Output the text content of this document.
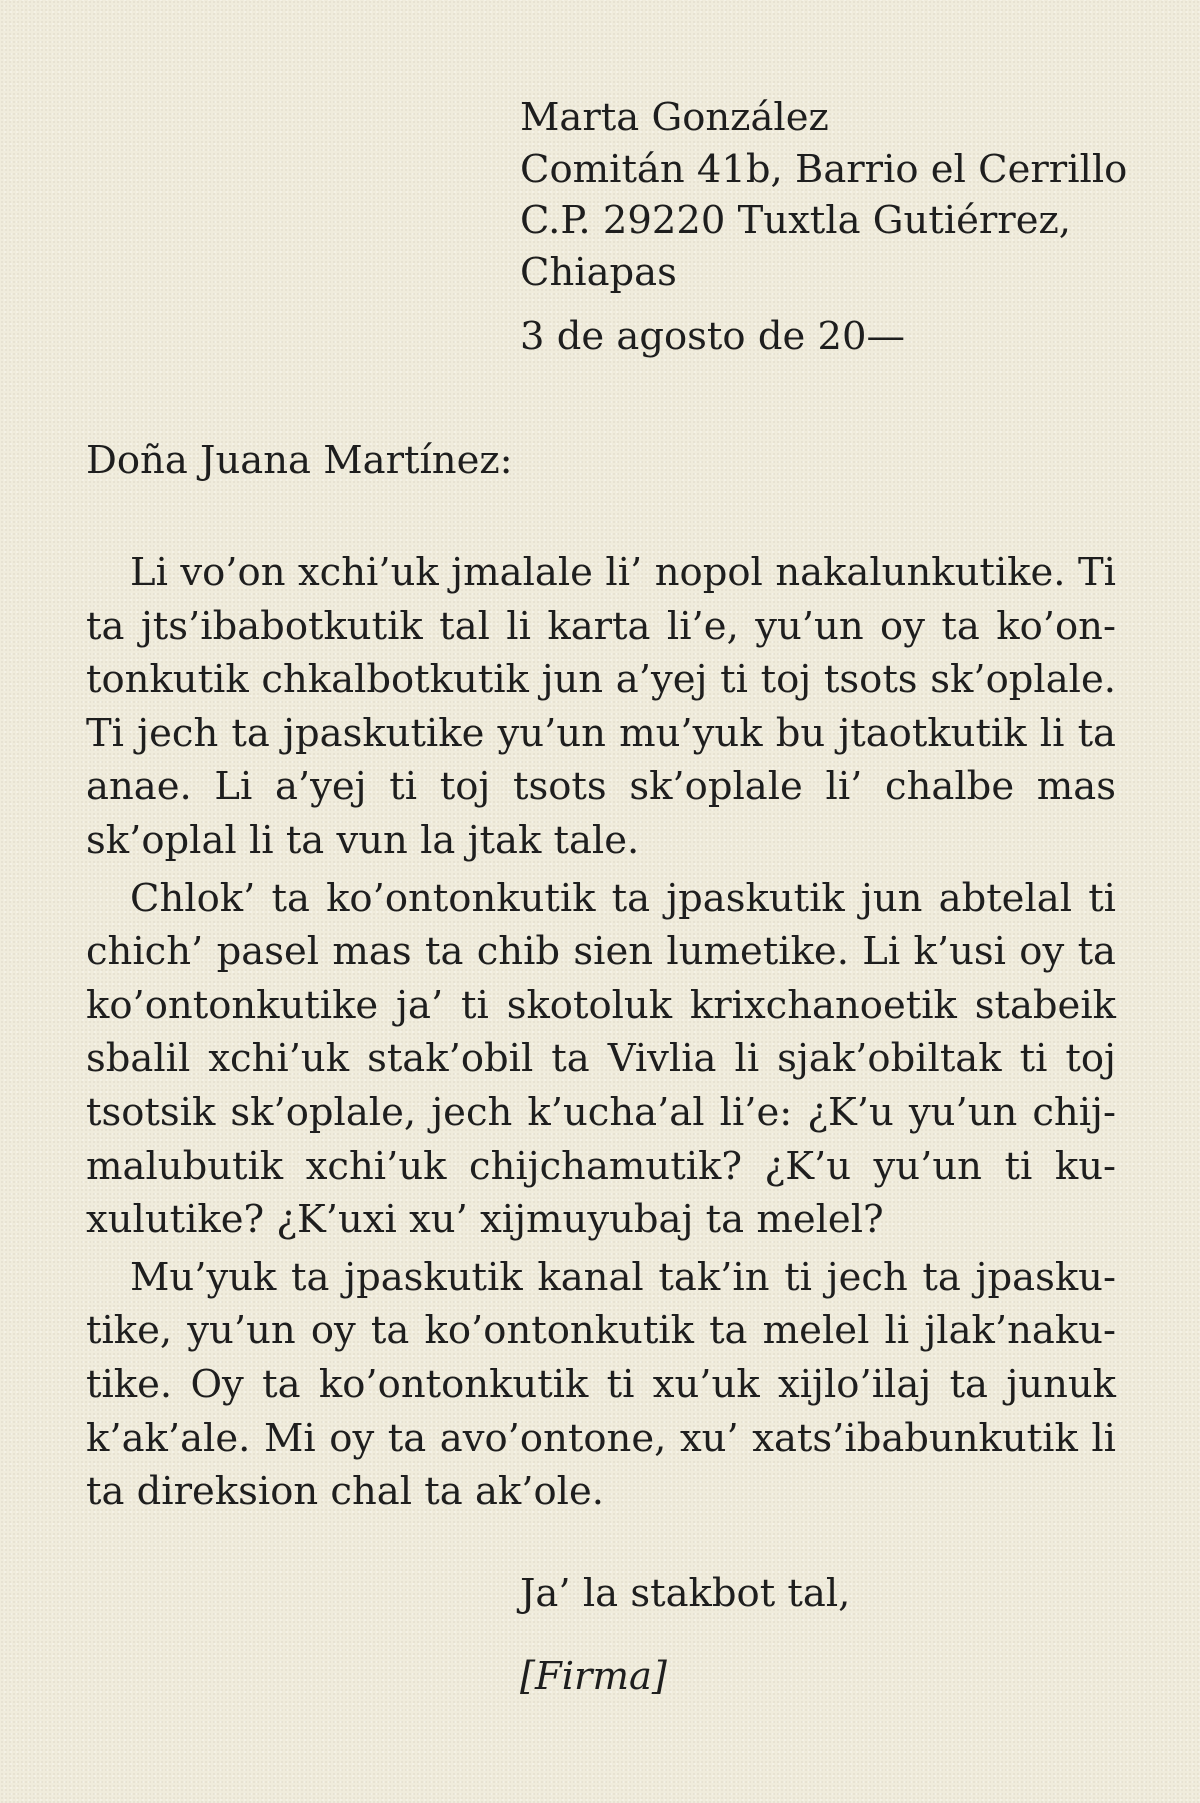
Marta González
Comitán 41b, Barrio el Cerrillo
C.P. 29220 Tuxtla Gutiérrez,
Chiapas
3 de agosto de 20—
Doña Juana Martínez:

Li vo’on xchi’uk jmalale li’ nopol nakalunkutike. Ti ta jts’ibabotkutik tal li karta li’e, yu’un oy ta ko’ontonkutik chkalbotkutik jun a’yej ti toj tsots sk’oplale. Ti jech ta jpaskutike yu’un mu’yuk bu jtaotkutik li ta anae. Li a’yej ti toj tsots sk’oplale li’ chalbe mas sk’oplal li ta vun la jtak tale.

Chlok’ ta ko’ontonkutik ta jpaskutik jun abtelal ti chich’ pasel mas ta chib sien lumetike. Li k’usi oy ta ko’ontonkutike ja’ ti skotoluk krixchanoetik stabeik sbalil xchi’uk stak’obil ta Vivlia li sjak’obiltak ti toj tsotsik sk’oplale, jech k’ucha’al li’e: ¿K’u yu’un chijmalubutik xchi’uk chijchamutik? ¿K’u yu’un ti kuxulutike? ¿K’uxi xu’ xijmuyubaj ta melel?

Mu’yuk ta jpaskutik kanal tak’in ti jech ta jpaskutike, yu’un oy ta ko’ontonkutik ta melel li jlak’nakutike. Oy ta ko’ontonkutik ti xu’uk xijlo’ilaj ta junuk k’ak’ale. Mi oy ta avo’ontone, xu’ xats’ibabunkutik li ta direksion chal ta ak’ole.

Ja’ la stakbot tal,
[Firma]
